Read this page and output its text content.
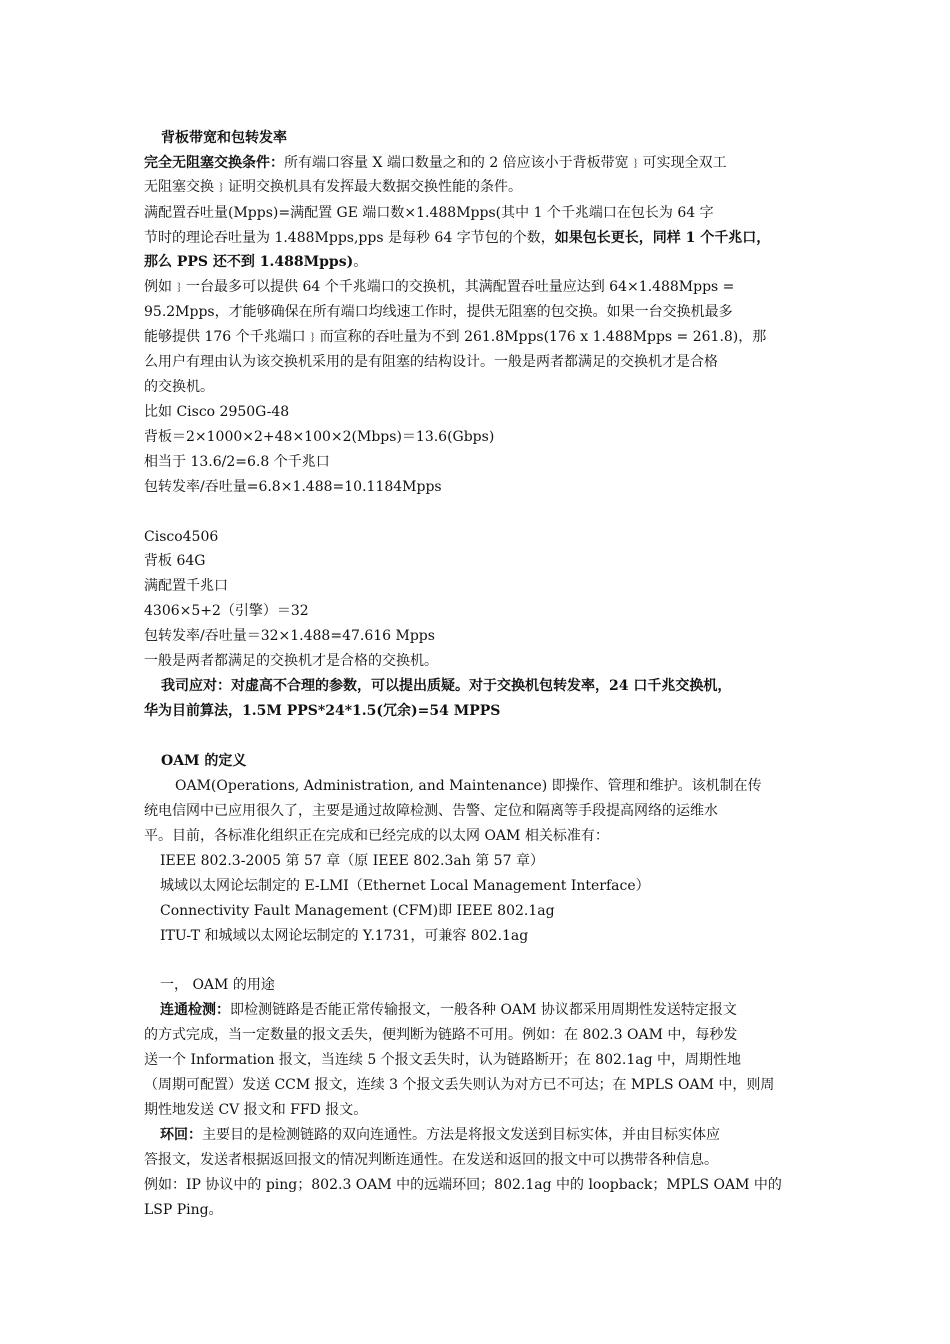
背板带宽和包转发率
完全无阻塞交换条件：所有端口容量 X 端口数量之和的 2 倍应该小于背板带宽﹜可实现全双工
无阻塞交换﹜证明交换机具有发挥最大数据交换性能的条件。
满配置吞吐量(Mpps)=满配置 GE 端口数×1.488Mpps(其中 1 个千兆端口在包长为 64 字
节时的理论吞吐量为 1.488Mpps,pps 是每秒 64 字节包的个数，如果包长更长，同样 1 个千兆口，
那么 PPS 还不到 1.488Mpps)。
例如﹜一台最多可以提供 64 个千兆端口的交换机，其满配置吞吐量应达到 64×1.488Mpps =
95.2Mpps，才能够确保在所有端口均线速工作时，提供无阻塞的包交换。如果一台交换机最多
能够提供 176 个千兆端口﹜而宣称的吞吐量为不到 261.8Mpps(176 x 1.488Mpps = 261.8)，那
么用户有理由认为该交换机采用的是有阻塞的结构设计。一般是两者都满足的交换机才是合格
的交换机。
比如 Cisco 2950G-48
背板＝2×1000×2+48×100×2(Mbps)＝13.6(Gbps)
相当于 13.6/2=6.8 个千兆口
包转发率/吞吐量=6.8×1.488=10.1184Mpps
Cisco4506
背板 64G
满配置千兆口
4306×5+2（引擎）＝32
包转发率/吞吐量＝32×1.488=47.616 Mpps
一般是两者都满足的交换机才是合格的交换机。
我司应对：对虚高不合理的参数，可以提出质疑。对于交换机包转发率，24 口千兆交换机，
华为目前算法，1.5M PPS*24*1.5(冗余)=54 MPPS
OAM 的定义
OAM(Operations, Administration, and Maintenance) 即操作、管理和维护。该机制在传
统电信网中已应用很久了，主要是通过故障检测、告警、定位和隔离等手段提高网络的运维水
平。目前，各标准化组织正在完成和已经完成的以太网 OAM 相关标准有：
IEEE 802.3-2005 第 57 章（原 IEEE 802.3ah 第 57 章）
城域以太网论坛制定的 E-LMI（Ethernet Local Management Interface）
Connectivity Fault Management (CFM)即 IEEE 802.1ag
ITU-T 和城域以太网论坛制定的 Y.1731，可兼容 802.1ag
一， OAM 的用途
连通检测：即检测链路是否能正常传输报文，一般各种 OAM 协议都采用周期性发送特定报文
的方式完成，当一定数量的报文丢失，便判断为链路不可用。例如：在 802.3 OAM 中，每秒发
送一个 Information 报文，当连续 5 个报文丢失时，认为链路断开；在 802.1ag 中，周期性地
（周期可配置）发送 CCM 报文，连续 3 个报文丢失则认为对方已不可达；在 MPLS OAM 中，则周
期性地发送 CV 报文和 FFD 报文。
环回：主要目的是检测链路的双向连通性。方法是将报文发送到目标实体，并由目标实体应
答报文，发送者根据返回报文的情况判断连通性。在发送和返回的报文中可以携带各种信息。
例如：IP 协议中的 ping；802.3 OAM 中的远端环回；802.1ag 中的 loopback；MPLS OAM 中的
LSP Ping。
